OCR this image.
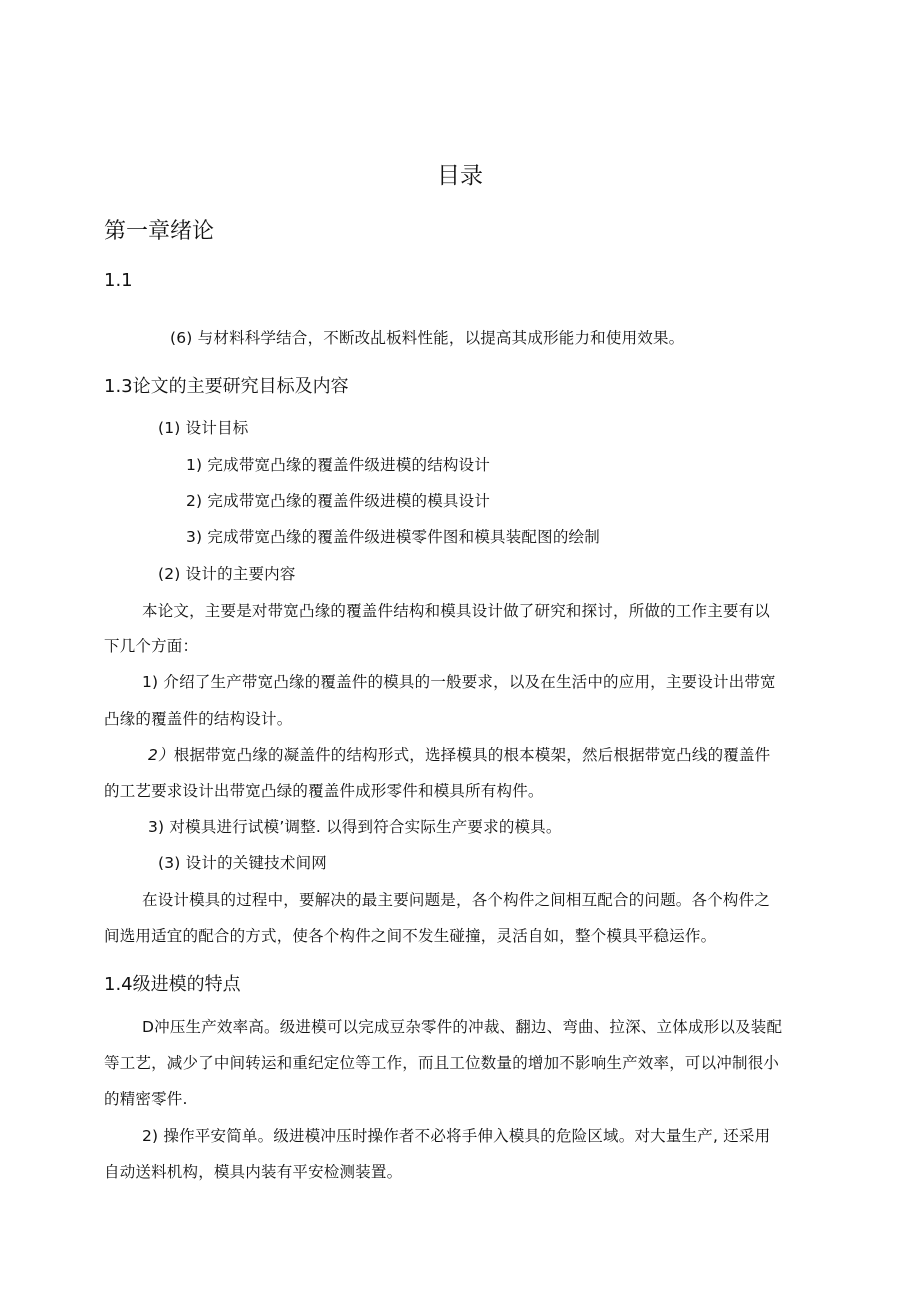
目录
第一章绪论
1.1
(6) 与材料科学结合，不断改乩板料性能，以提高其成形能力和使用效果。
1.3论文的主要研究目标及内容
(1) 设计目标
1) 完成带宽凸缘的覆盖件级进模的结构设计
2) 完成带宽凸缘的覆盖件级进模的模具设计
3) 完成带宽凸缘的覆盖件级进模零件图和模具装配图的绘制
(2) 设计的主要内容
本论文，主要是对带宽凸缘的覆盖件结构和模具设计做了研究和探讨，所做的工作主要有以
下几个方面：
1) 介绍了生产带宽凸缘的覆盖件的模具的一般要求，以及在生活中的应用，主要设计出带宽
凸缘的覆盖件的结构设计。
2）根据带宽凸缘的凝盖件的结构形式，选择模具的根本模架，然后根据带宽凸线的覆盖件
的工艺要求设计出带宽凸绿的覆盖件成形零件和模具所有构件。
3) 对模具进行试模’调整. 以得到符合实际生产要求的模具。
(3) 设计的关键技术间网
在设计模具的过程中，要解决的最主要问题是，各个构件之间相互配合的问题。各个构件之
间选用适宜的配合的方式，使各个构件之间不发生碰撞，灵活自如，整个模具平稳运作。
1.4级进模的特点
D冲压生产效率高。级进模可以完成豆杂零件的冲裁、翻边、弯曲、拉深、立体成形以及装配
等工艺，减少了中间转运和重纪定位等工作，而且工位数量的增加不影响生产效率，可以冲制很小
的精密零件.
2) 操作平安简单。级进模冲压时操作者不必将手伸入模具的危险区域。对大量生产, 还采用
自动送料机构，模具内装有平安检测装置。
